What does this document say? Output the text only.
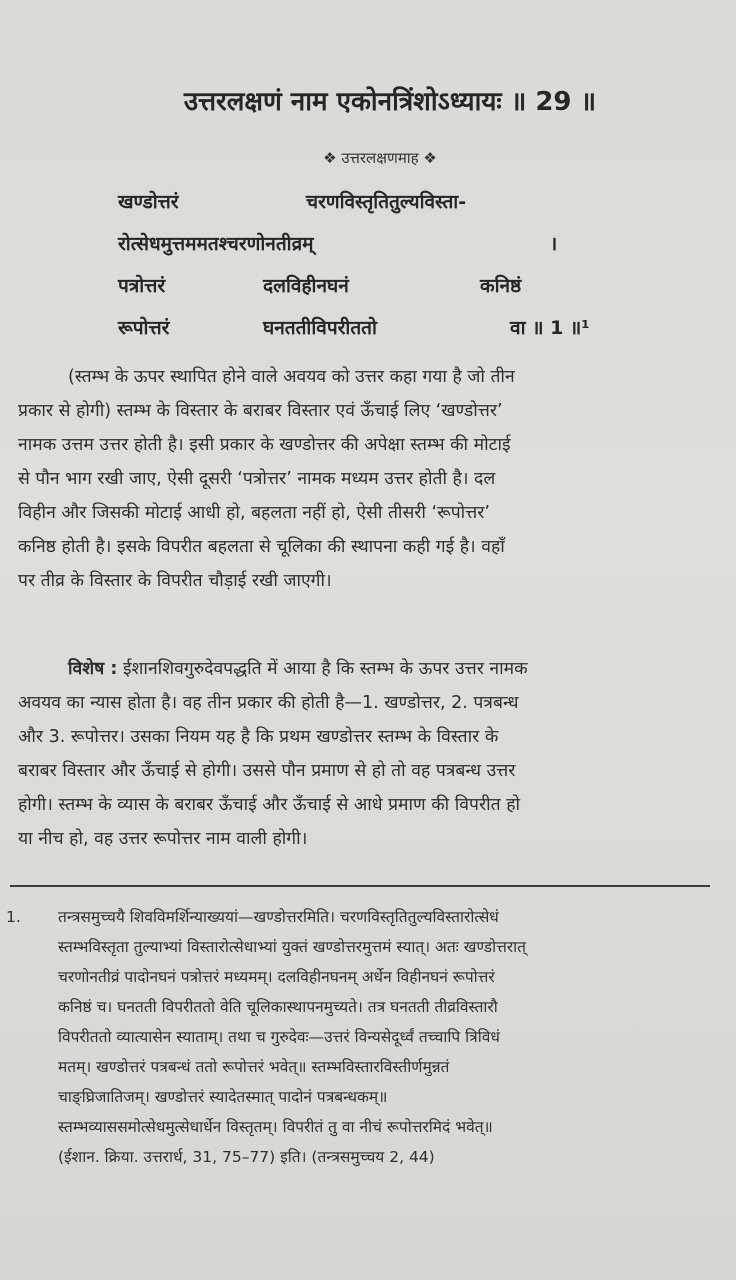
उत्तरलक्षणं नाम एकोनत्रिंशोऽध्यायः ॥ 29 ॥
❖ उत्तरलक्षणमाह ❖
खण्डोत्तरं	चरणविस्तृतितुल्यविस्ता-
रोत्सेधमुत्तममतश्चरणोनतीव्रम्	।
पत्रोत्तरं	दलविहीनघनं	कनिष्ठं
रूपोत्तरं	घनततीविपरीततो	वा ॥ 1 ॥¹
(स्तम्भ के ऊपर स्थापित होने वाले अवयव को उत्तर कहा गया है जो तीन
प्रकार से होगी) स्तम्भ के विस्तार के बराबर विस्तार एवं ऊँचाई लिए ‘खण्डोत्तर’
नामक उत्तम उत्तर होती है। इसी प्रकार के खण्डोत्तर की अपेक्षा स्तम्भ की मोटाई
से पौन भाग रखी जाए, ऐसी दूसरी ‘पत्रोत्तर’ नामक मध्यम उत्तर होती है। दल
विहीन और जिसकी मोटाई आधी हो, बहलता नहीं हो, ऐसी तीसरी ‘रूपोत्तर’
कनिष्ठ होती है। इसके विपरीत बहलता से चूलिका की स्थापना कही गई है। वहाँ
पर तीव्र के विस्तार के विपरीत चौड़ाई रखी जाएगी।
विशेष : ईशानशिवगुरुदेवपद्धति में आया है कि स्तम्भ के ऊपर उत्तर नामक
अवयव का न्यास होता है। वह तीन प्रकार की होती है—1. खण्डोत्तर, 2. पत्रबन्ध
और 3. रूपोत्तर। उसका नियम यह है कि प्रथम खण्डोत्तर स्तम्भ के विस्तार के
बराबर विस्तार और ऊँचाई से होगी। उससे पौन प्रमाण से हो तो वह पत्रबन्ध उत्तर
होगी। स्तम्भ के व्यास के बराबर ऊँचाई और ऊँचाई से आधे प्रमाण की विपरीत हो
या नीच हो, वह उत्तर रूपोत्तर नाम वाली होगी।
1. तन्त्रसमुच्चयै शिवविमर्शिन्याख्ययां—खण्डोत्तरमिति। चरणविस्तृतितुल्यविस्तारोत्सेधं
स्तम्भविस्तृता तुल्याभ्यां विस्तारोत्सेधाभ्यां युक्तं खण्डोत्तरमुत्तमं स्यात्। अतः खण्डोत्तरात्
चरणोनतीव्रं पादोनघनं पत्रोत्तरं मध्यमम्। दलविहीनघनम् अर्धेन विहीनघनं रूपोत्तरं
कनिष्ठं च। घनतती विपरीततो वेति चूलिकास्थापनमुच्यते। तत्र घनतती तीव्रविस्तारौ
विपरीततो व्यात्यासेन स्याताम्। तथा च गुरुदेवः—उत्तरं विन्यसेदूर्ध्वं तच्चापि त्रिविधं
मतम्। खण्डोत्तरं पत्रबन्धं ततो रूपोत्तरं भवेत्॥ स्तम्भविस्तारविस्तीर्णमुन्नतं
चाङ्घ्रिजातिजम्। खण्डोत्तरं स्यादेतस्मात् पादोनं पत्रबन्धकम्॥
स्तम्भव्याससमोत्सेधमुत्सेधार्धेन विस्तृतम्। विपरीतं तु वा नीचं रूपोत्तरमिदं भवेत्॥
(ईशान. क्रिया. उत्तरार्ध, 31, 75–77) इति। (तन्त्रसमुच्चय 2, 44)
